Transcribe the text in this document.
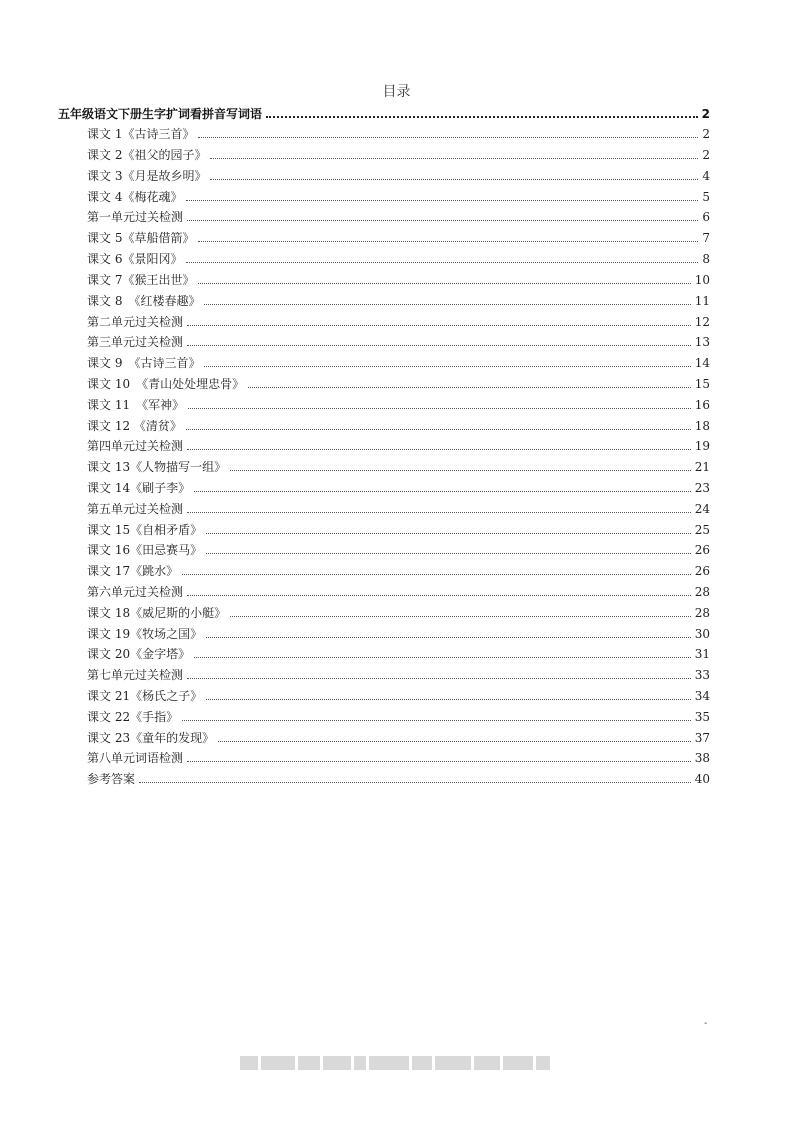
目录
五年级语文下册生字扩词看拼音写词语	2
课文 1《古诗三首》	2
课文 2《祖父的园子》	2
课文 3《月是故乡明》	4
课文 4《梅花魂》	5
第一单元过关检测	6
课文 5《草船借箭》	7
课文 6《景阳冈》	8
课文 7《猴王出世》	10
课文 8　《红楼春趣》	11
第二单元过关检测	12
第三单元过关检测	13
课文 9　《古诗三首》	14
课文 10　《青山处处埋忠骨》	15
课文 11　《军神》	16
课文 12 《清贫》	18
第四单元过关检测	19
课文 13《人物描写一组》	21
课文 14《刷子李》	23
第五单元过关检测	24
课文 15《自相矛盾》	25
课文 16《田忌赛马》	26
课文 17《跳水》	26
第六单元过关检测	28
课文 18《威尼斯的小艇》	28
课文 19《牧场之国》	30
课文 20《金字塔》	31
第七单元过关检测	33
课文 21《杨氏之子》	34
课文 22《手指》	35
课文 23《童年的发现》	37
第八单元词语检测	38
参考答案	40
-
